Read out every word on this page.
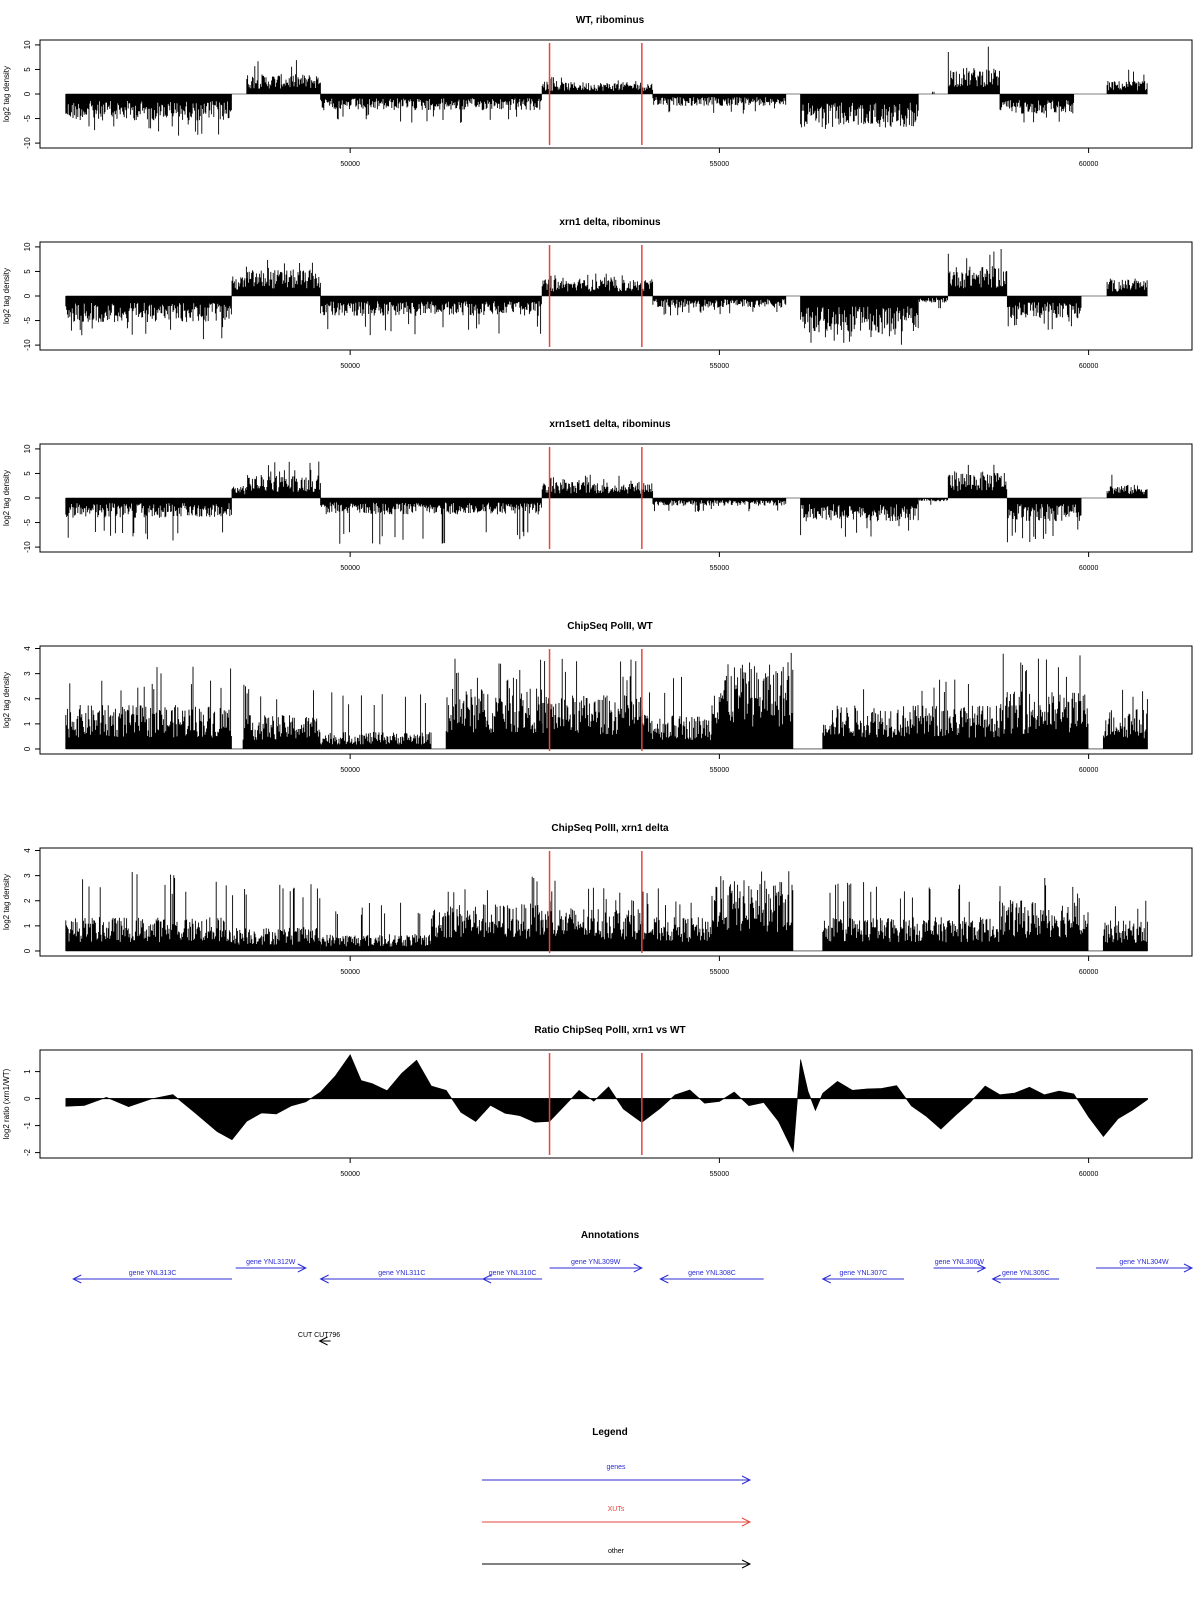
WT, ribominus
-10
-5
0
5
10
log2 tag density
50000	55000	60000
xrn1 delta, ribominus
-10
-5
0
5
10
log2 tag density
50000	55000	60000
xrn1set1 delta, ribominus
-10
-5
0
5
10
log2 tag density
50000	55000	60000
ChipSeq PolII, WT
0
1
2
3
4
log2 tag density
50000	55000	60000
ChipSeq PolII, xrn1 delta
0
1
2
3
4
log2 tag density
50000	55000	60000
Ratio ChipSeq PolII, xrn1 vs WT
-2
-1
0
1
log2 ratio (xrn1/WT)
50000	55000	60000
Annotations
gene YNL313C
gene YNL312W
gene YNL311C	gene YNL310C
gene YNL309W
gene YNL308C	gene YNL307C
gene YNL306W
gene YNL305C
gene YNL304W
CUT CUT796
Legend
genes
XUTs
other
